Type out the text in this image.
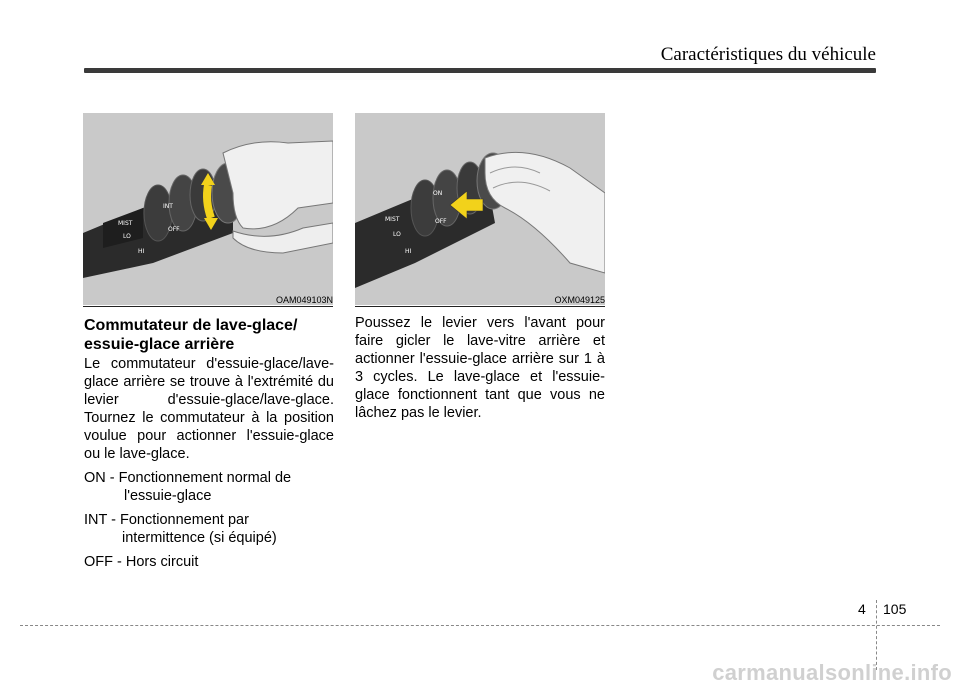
Caractéristiques du véhicule
MIST
LO
HI
INT
OFF
OAM049103N
MIST
LO
HI
ON
OFF
OXM049125
Commutateur de lave-glace/ essuie-glace arrière

Le commutateur d'essuie-glace/lave-glace arrière se trouve à l'extrémité du levier d'essuie-glace/lave-glace. Tournez le commutateur à la position voulue pour actionner l'essuie-glace ou le lave-glace.

ON - Fonctionnement normal de
l'essuie-glace
INT - Fonctionnement par
intermittence (si équipé)
OFF - Hors circuit

Poussez le levier vers l'avant pour faire gicler le lave-vitre arrière et actionner l'essuie-glace arrière sur 1 à 3 cycles. Le lave-glace et l'essuie-glace fonctionnent tant que vous ne lâchez pas le levier.

4 105
carmanualsonline.info
